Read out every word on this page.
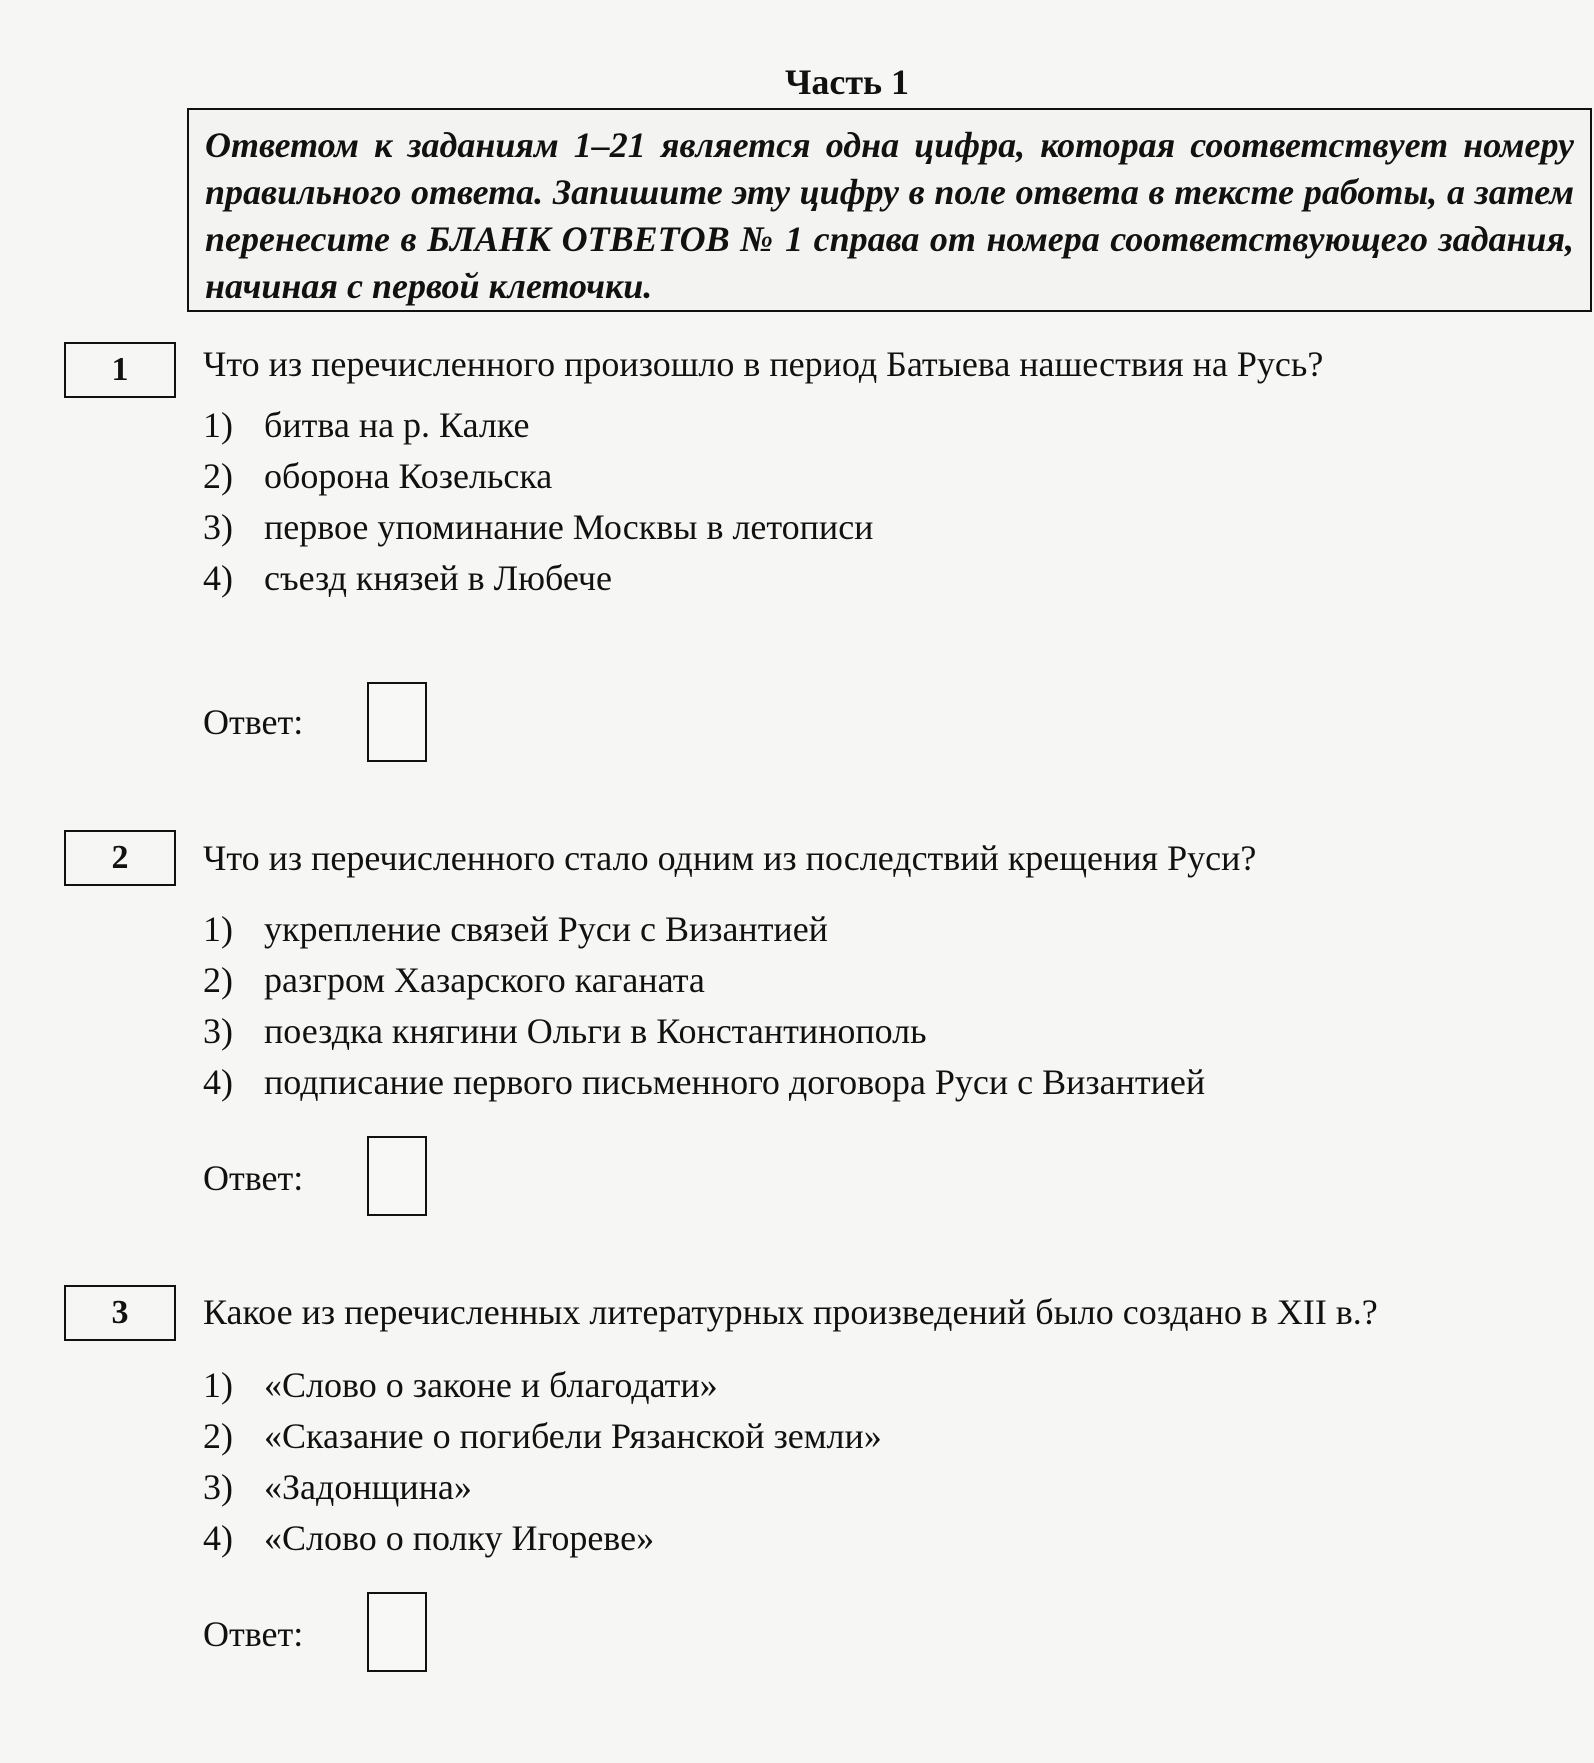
Часть 1
Ответом к заданиям 1–21 является одна цифра, которая соответствует номеру правильного ответа. Запишите эту цифру в поле ответа в тексте работы, а затем перенесите в БЛАНК ОТВЕТОВ № 1 справа от номера соответствующего задания, начиная с первой клеточки.
1	Что из перечисленного произошло в период Батыева нашествия на Русь?
1) битва на р. Калке
2) оборона Козельска
3) первое упоминание Москвы в летописи
4) съезд князей в Любече
Ответ:
2	Что из перечисленного стало одним из последствий крещения Руси?
1) укрепление связей Руси с Византией
2) разгром Хазарского каганата
3) поездка княгини Ольги в Константинополь
4) подписание первого письменного договора Руси с Византией
Ответ:
3	Какое из перечисленных литературных произведений было создано в XII в.?
1) «Слово о законе и благодати»
2) «Сказание о погибели Рязанской земли»
3) «Задонщина»
4) «Слово о полку Игореве»
Ответ:
